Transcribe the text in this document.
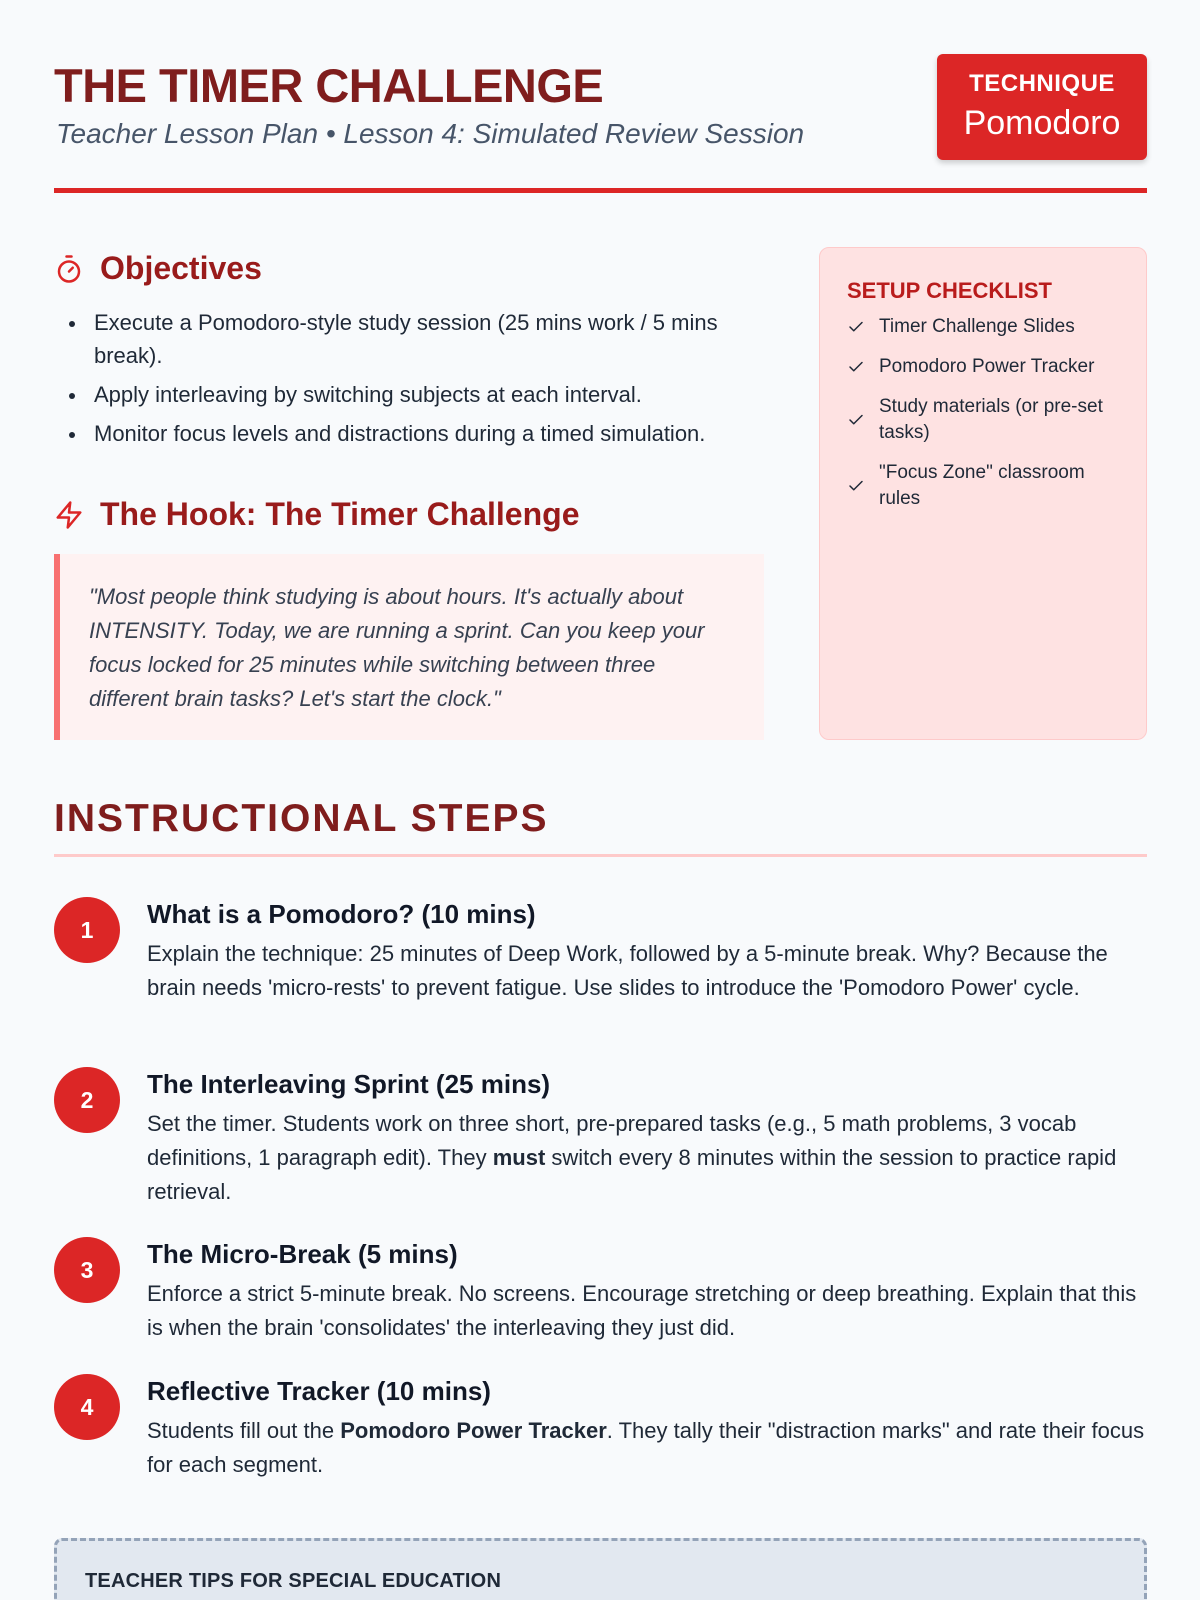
THE TIMER CHALLENGE
Teacher Lesson Plan • Lesson 4: Simulated Review Session
TECHNIQUE
Pomodoro
Objectives
Execute a Pomodoro-style study session (25 mins work / 5 mins break).
Apply interleaving by switching subjects at each interval.
Monitor focus levels and distractions during a timed simulation.
The Hook: The Timer Challenge
"Most people think studying is about hours. It's actually about INTENSITY. Today, we are running a sprint. Can you keep your focus locked for 25 minutes while switching between three different brain tasks? Let's start the clock."
SETUP CHECKLIST
Timer Challenge Slides
Pomodoro Power Tracker
Study materials (or pre-set tasks)
"Focus Zone" classroom rules
INSTRUCTIONAL STEPS
1
What is a Pomodoro? (10 mins)
Explain the technique: 25 minutes of Deep Work, followed by a 5-minute break. Why? Because the brain needs 'micro-rests' to prevent fatigue. Use slides to introduce the 'Pomodoro Power' cycle.
2
The Interleaving Sprint (25 mins)
Set the timer. Students work on three short, pre-prepared tasks (e.g., 5 math problems, 3 vocab definitions, 1 paragraph edit). They must switch every 8 minutes within the session to practice rapid retrieval.
3
The Micro-Break (5 mins)
Enforce a strict 5-minute break. No screens. Encourage stretching or deep breathing. Explain that this is when the brain 'consolidates' the interleaving they just did.
4
Reflective Tracker (10 mins)
Students fill out the Pomodoro Power Tracker. They tally their "distraction marks" and rate their focus for each segment.
TEACHER TIPS FOR SPECIAL EDUCATION
